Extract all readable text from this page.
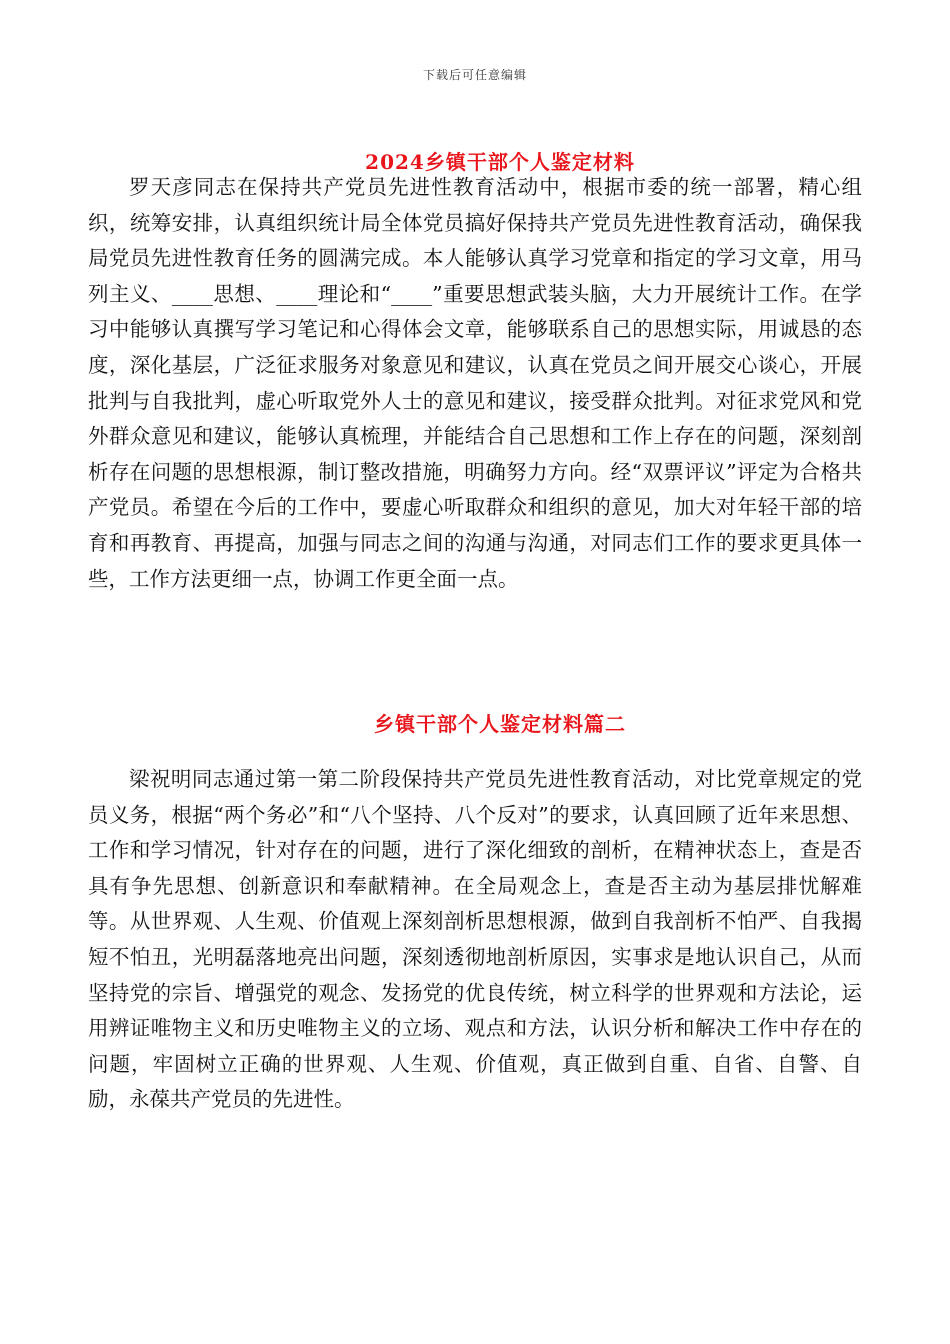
下载后可任意编辑
2024乡镇干部个人鉴定材料

罗天彦同志在保持共产党员先进性教育活动中，根据市委的统一部署，精心组织，统筹安排，认真组织统计局全体党员搞好保持共产党员先进性教育活动，确保我局党员先进性教育任务的圆满完成。本人能够认真学习党章和指定的学习文章，用马列主义、____思想、____理论和“____”重要思想武装头脑，大力开展统计工作。在学习中能够认真撰写学习笔记和心得体会文章，能够联系自己的思想实际，用诚恳的态度，深化基层，广泛征求服务对象意见和建议，认真在党员之间开展交心谈心，开展批判与自我批判，虚心听取党外人士的意见和建议，接受群众批判。对征求党风和党外群众意见和建议，能够认真梳理，并能结合自己思想和工作上存在的问题，深刻剖析存在问题的思想根源，制订整改措施，明确努力方向。经“双票评议”评定为合格共产党员。希望在今后的工作中，要虚心听取群众和组织的意见，加大对年轻干部的培育和再教育、再提高，加强与同志之间的沟通与沟通，对同志们工作的要求更具体一些，工作方法更细一点，协调工作更全面一点。

乡镇干部个人鉴定材料篇二

梁祝明同志通过第一第二阶段保持共产党员先进性教育活动，对比党章规定的党员义务，根据“两个务必”和“八个坚持、八个反对”的要求，认真回顾了近年来思想、工作和学习情况，针对存在的问题，进行了深化细致的剖析，在精神状态上，查是否具有争先思想、创新意识和奉献精神。在全局观念上，查是否主动为基层排忧解难等。从世界观、人生观、价值观上深刻剖析思想根源，做到自我剖析不怕严、自我揭短不怕丑，光明磊落地亮出问题，深刻透彻地剖析原因，实事求是地认识自己，从而坚持党的宗旨、增强党的观念、发扬党的优良传统，树立科学的世界观和方法论，运用辨证唯物主义和历史唯物主义的立场、观点和方法，认识分析和解决工作中存在的问题，牢固树立正确的世界观、人生观、价值观，真正做到自重、自省、自警、自励，永葆共产党员的先进性。
